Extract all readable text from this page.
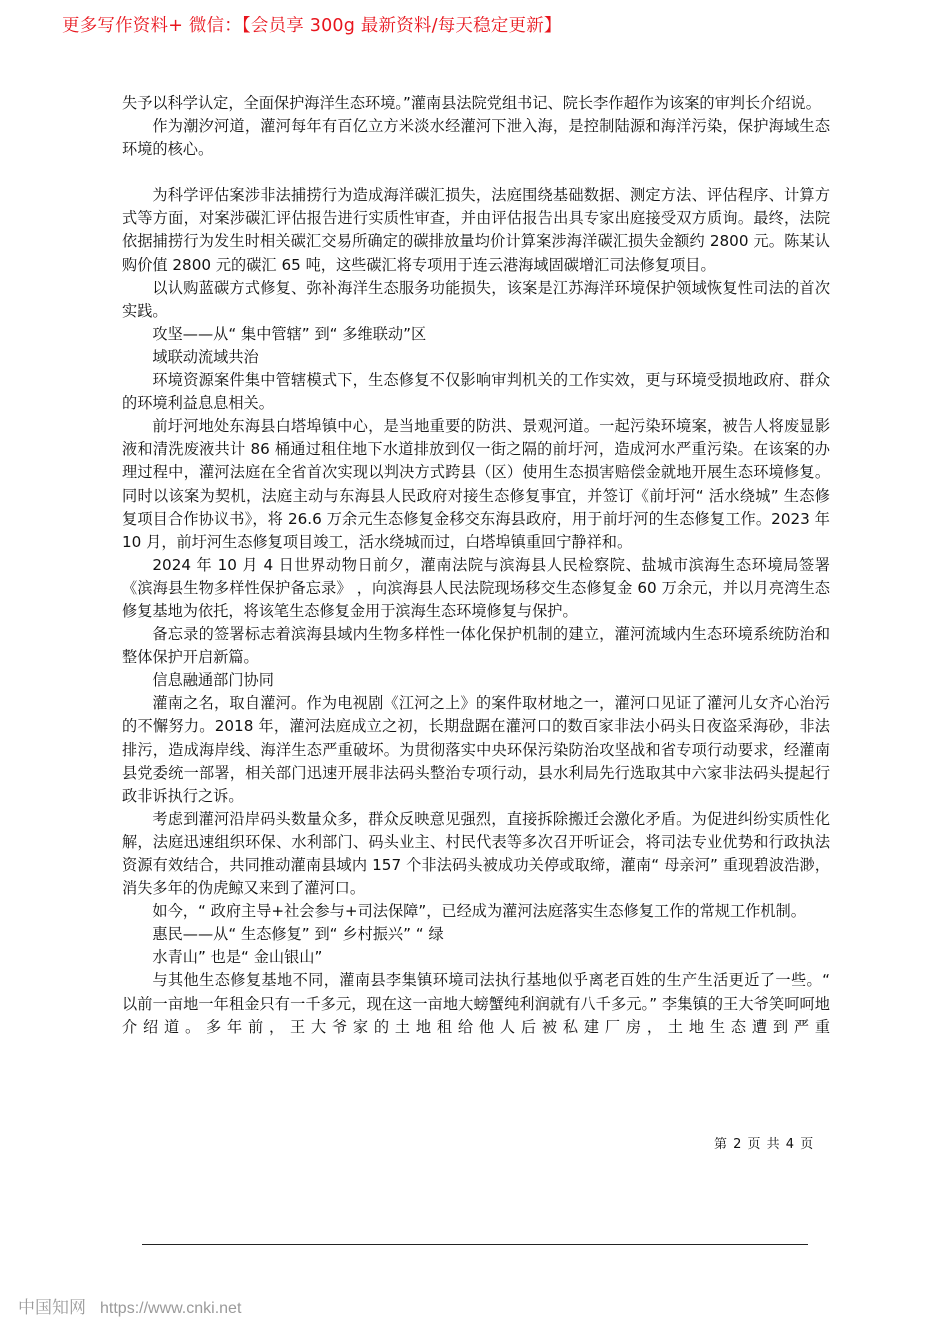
更多写作资料+ 微信：【会员享 300g 最新资料/每天稳定更新】

失予以科学认定，全面保护海洋生态环境。”灌南县法院党组书记、院长李作超作为该案的审判长介绍说。

作为潮汐河道，灌河每年有百亿立方米淡水经灌河下泄入海，是控制陆源和海洋污染，保护海域生态环境的核心。

为科学评估案涉非法捕捞行为造成海洋碳汇损失，法庭围绕基础数据、测定方法、评估程序、计算方式等方面，对案涉碳汇评估报告进行实质性审查，并由评估报告出具专家出庭接受双方质询。最终，法院依据捕捞行为发生时相关碳汇交易所确定的碳排放量均价计算案涉海洋碳汇损失金额约 2800 元。陈某认购价值 2800 元的碳汇 65 吨，这些碳汇将专项用于连云港海域固碳增汇司法修复项目。

以认购蓝碳方式修复、弥补海洋生态服务功能损失，该案是江苏海洋环境保护领域恢复性司法的首次实践。

攻坚——从“ 集中管辖” 到“ 多维联动”区

域联动流域共治

环境资源案件集中管辖模式下，生态修复不仅影响审判机关的工作实效，更与环境受损地政府、群众的环境利益息息相关。

前圩河地处东海县白塔埠镇中心，是当地重要的防洪、景观河道。一起污染环境案，被告人将废显影液和清洗废液共计 86 桶通过租住地下水道排放到仅一街之隔的前圩河，造成河水严重污染。在该案的办理过程中，灌河法庭在全省首次实现以判决方式跨县（区）使用生态损害赔偿金就地开展生态环境修复。同时以该案为契机，法庭主动与东海县人民政府对接生态修复事宜，并签订《前圩河“ 活水绕城” 生态修复项目合作协议书》，将 26.6 万余元生态修复金移交东海县政府，用于前圩河的生态修复工作。2023 年 10 月，前圩河生态修复项目竣工，活水绕城而过，白塔埠镇重回宁静祥和。

2024 年 10 月 4 日世界动物日前夕，灌南法院与滨海县人民检察院、盐城市滨海生态环境局签署《滨海县生物多样性保护备忘录》 ，向滨海县人民法院现场移交生态修复金 60 万余元，并以月亮湾生态修复基地为依托，将该笔生态修复金用于滨海生态环境修复与保护。

备忘录的签署标志着滨海县域内生物多样性一体化保护机制的建立，灌河流域内生态环境系统防治和整体保护开启新篇。

信息融通部门协同

灌南之名，取自灌河。作为电视剧《江河之上》的案件取材地之一，灌河口见证了灌河儿女齐心治污的不懈努力。2018 年，灌河法庭成立之初，长期盘踞在灌河口的数百家非法小码头日夜盗采海砂，非法排污，造成海岸线、海洋生态严重破坏。为贯彻落实中央环保污染防治攻坚战和省专项行动要求，经灌南县党委统一部署，相关部门迅速开展非法码头整治专项行动，县水利局先行选取其中六家非法码头提起行政非诉执行之诉。

考虑到灌河沿岸码头数量众多，群众反映意见强烈，直接拆除搬迁会激化矛盾。为促进纠纷实质性化解，法庭迅速组织环保、水利部门、码头业主、村民代表等多次召开听证会，将司法专业优势和行政执法资源有效结合，共同推动灌南县域内 157 个非法码头被成功关停或取缔，灌南“ 母亲河” 重现碧波浩渺，消失多年的伪虎鲸又来到了灌河口。

如今，“ 政府主导+社会参与+司法保障”，已经成为灌河法庭落实生态修复工作的常规工作机制。

惠民——从“ 生态修复” 到“ 乡村振兴” “ 绿

水青山” 也是“ 金山银山”

与其他生态修复基地不同，灌南县李集镇环境司法执行基地似乎离老百姓的生产生活更近了一些。“ 以前一亩地一年租金只有一千多元，现在这一亩地大螃蟹纯利润就有八千多元。” 李集镇的王大爷笑呵呵地介绍道。多年前，王大爷家的土地租给他人后被私建厂房，土地生态遭到严重

第 2 页 共 4 页
中国知网 https://www.cnki.net
